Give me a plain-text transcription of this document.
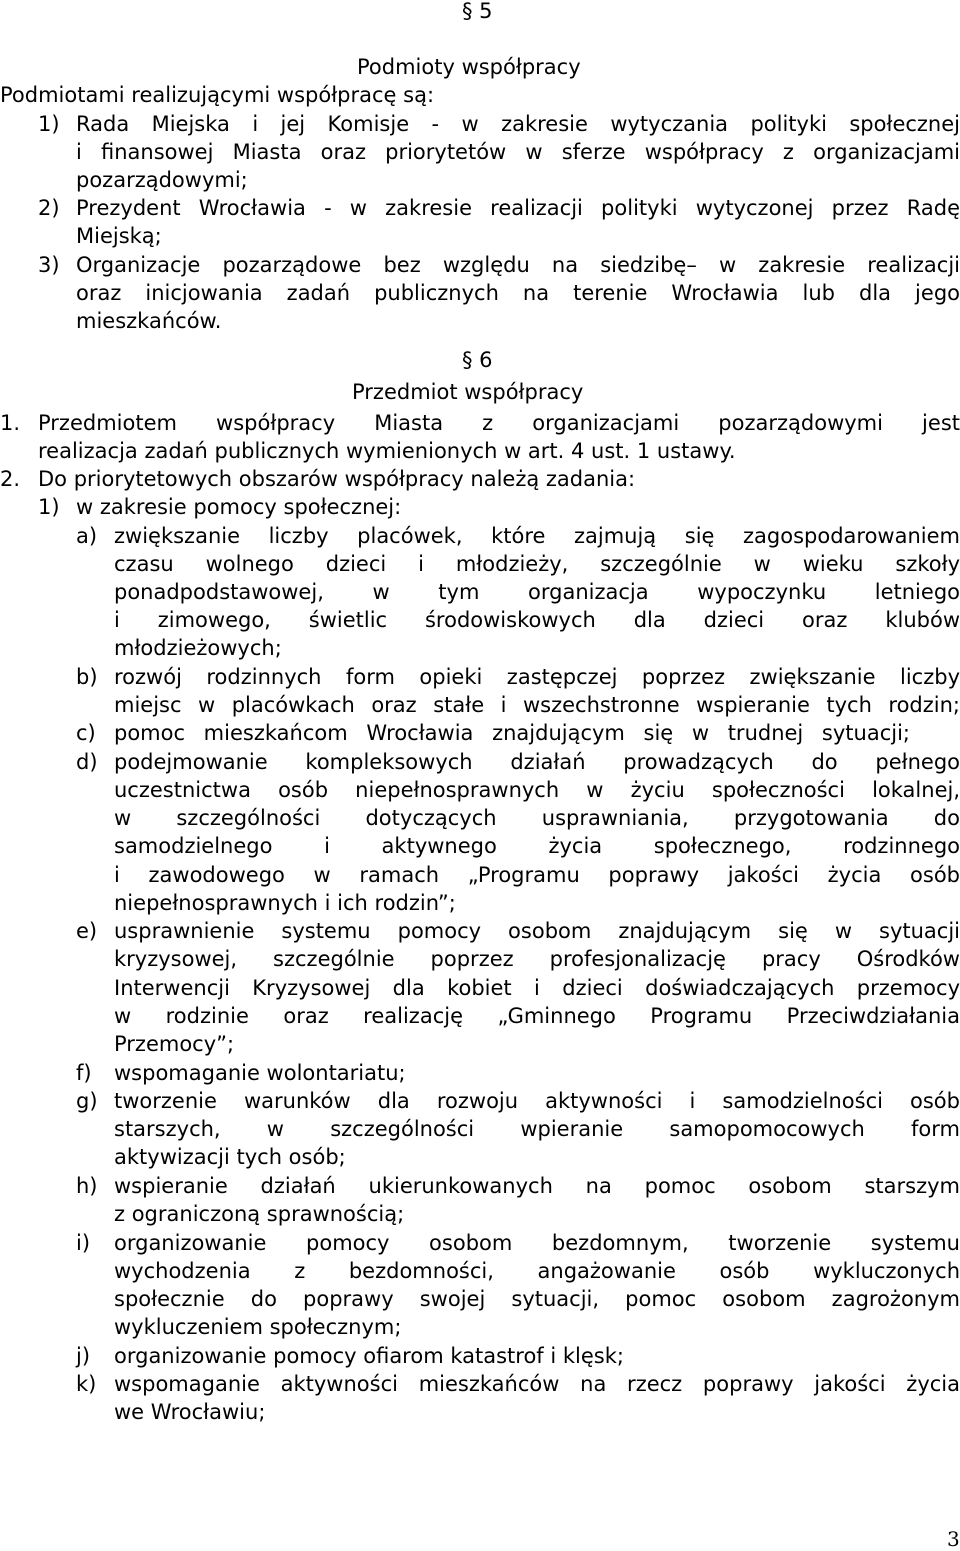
§ 5
Podmioty współpracy
Podmiotami realizującymi współpracę są:
1) Rada Miejska i jej Komisje - w zakresie wytyczania polityki społecznej
i finansowej Miasta oraz priorytetów w sferze współpracy z organizacjami
pozarządowymi;
2) Prezydent Wrocławia - w zakresie realizacji polityki wytyczonej przez Radę
Miejską;
3) Organizacje pozarządowe bez względu na siedzibę– w zakresie realizacji
oraz inicjowania zadań publicznych na terenie Wrocławia lub dla jego
mieszkańców.
§ 6
Przedmiot współpracy
1. Przedmiotem współpracy Miasta z organizacjami pozarządowymi jest
realizacja zadań publicznych wymienionych w art. 4 ust. 1 ustawy.
2. Do priorytetowych obszarów współpracy należą zadania:
1) w zakresie pomocy społecznej:
a) zwiększanie liczby placówek, które zajmują się zagospodarowaniem
czasu wolnego dzieci i młodzieży, szczególnie w wieku szkoły
ponadpodstawowej, w tym organizacja wypoczynku letniego
i zimowego, świetlic środowiskowych dla dzieci oraz klubów
młodzieżowych;
b) rozwój rodzinnych form opieki zastępczej poprzez zwiększanie liczby
miejsc w placówkach oraz stałe i wszechstronne wspieranie tych rodzin;
c) pomoc mieszkańcom Wrocławia znajdującym się w trudnej sytuacji;
d) podejmowanie kompleksowych działań prowadzących do pełnego
uczestnictwa osób niepełnosprawnych w życiu społeczności lokalnej,
w szczególności dotyczących usprawniania, przygotowania do
samodzielnego i aktywnego życia społecznego, rodzinnego
i zawodowego w ramach „Programu poprawy jakości życia osób
niepełnosprawnych i ich rodzin”;
e) usprawnienie systemu pomocy osobom znajdującym się w sytuacji
kryzysowej, szczególnie poprzez profesjonalizację pracy Ośrodków
Interwencji Kryzysowej dla kobiet i dzieci doświadczających przemocy
w rodzinie oraz realizację „Gminnego Programu Przeciwdziałania
Przemocy”;
f) wspomaganie wolontariatu;
g) tworzenie warunków dla rozwoju aktywności i samodzielności osób
starszych, w szczególności wpieranie samopomocowych form
aktywizacji tych osób;
h) wspieranie działań ukierunkowanych na pomoc osobom starszym
z ograniczoną sprawnością;
i) organizowanie pomocy osobom bezdomnym, tworzenie systemu
wychodzenia z bezdomności, angażowanie osób wykluczonych
społecznie do poprawy swojej sytuacji, pomoc osobom zagrożonym
wykluczeniem społecznym;
j) organizowanie pomocy ofiarom katastrof i klęsk;
k) wspomaganie aktywności mieszkańców na rzecz poprawy jakości życia
we Wrocławiu;
3
